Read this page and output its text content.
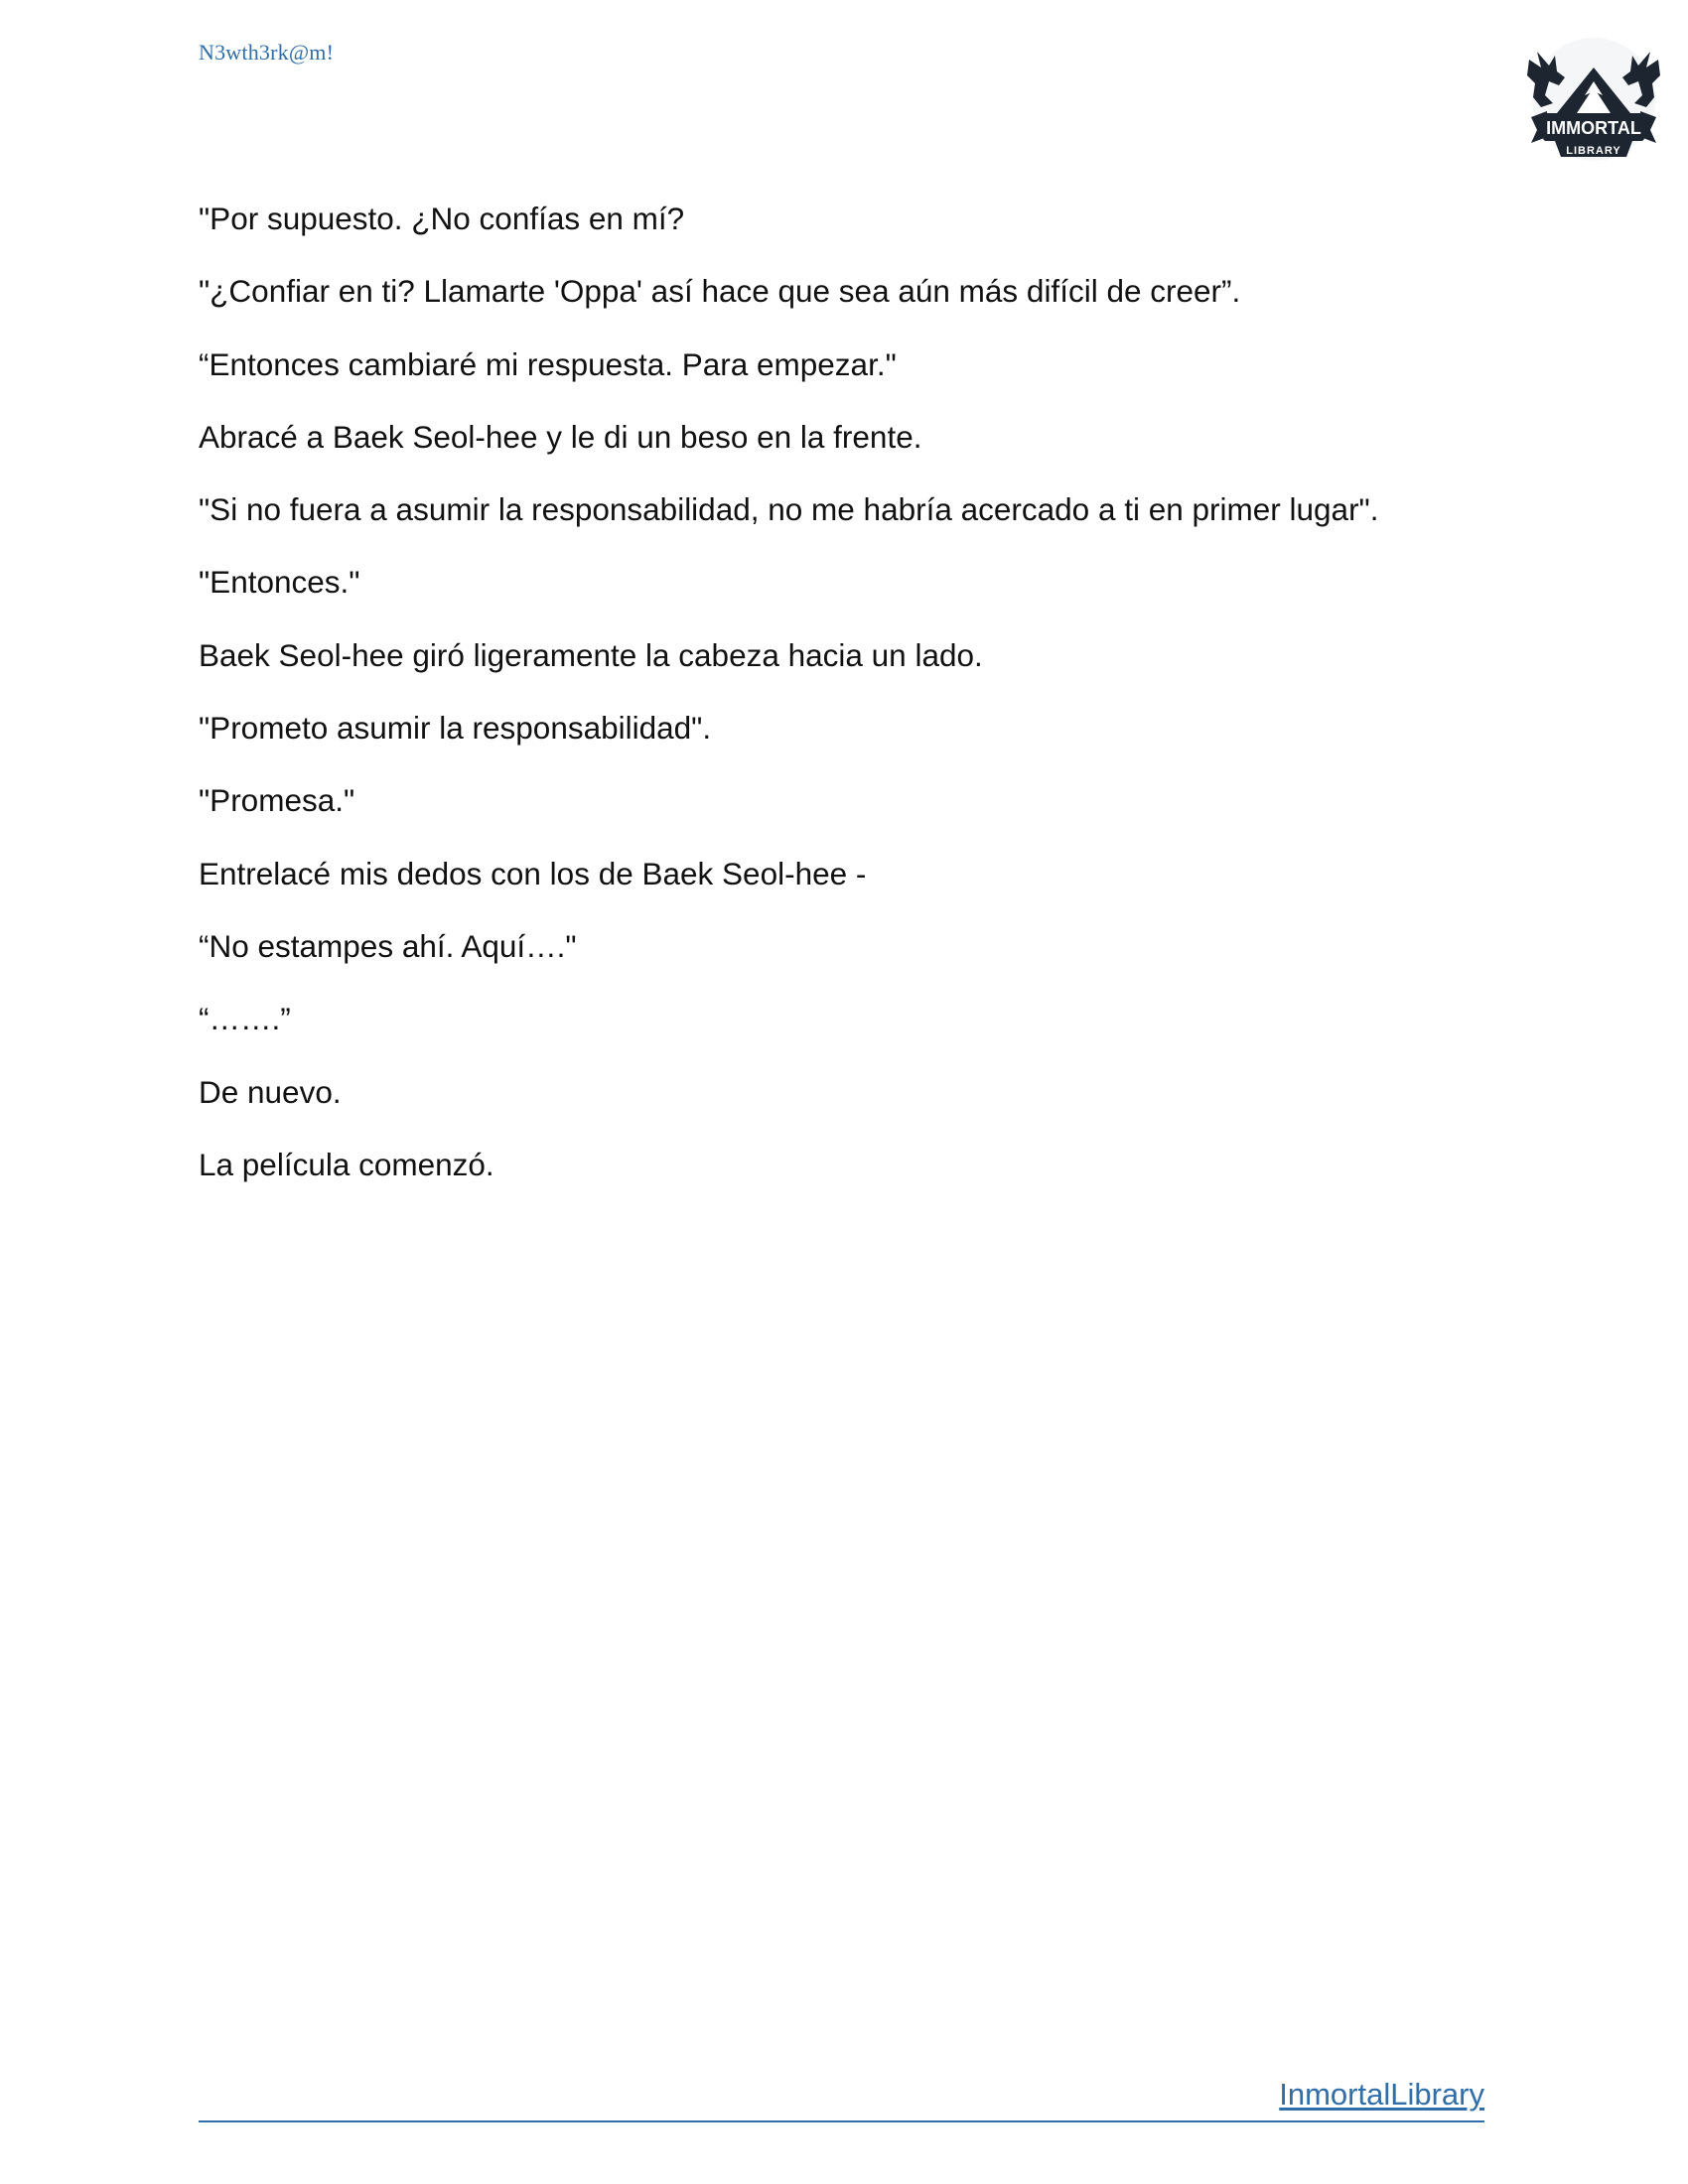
N3wth3rk@m!
IMMORTAL
LIBRARY

"Por supuesto. ¿No confías en mí?

"¿Confiar en ti? Llamarte 'Oppa' así hace que sea aún más difícil de creer”.

“Entonces cambiaré mi respuesta. Para empezar."

Abracé a Baek Seol-hee y le di un beso en la frente.

"Si no fuera a asumir la responsabilidad, no me habría acercado a ti en primer lugar".

"Entonces."

Baek Seol-hee giró ligeramente la cabeza hacia un lado.

"Prometo asumir la responsabilidad".

"Promesa."

Entrelacé mis dedos con los de Baek Seol-hee -

“No estampes ahí. Aquí…."

“…….”

De nuevo.

La película comenzó.

InmortalLibrary
